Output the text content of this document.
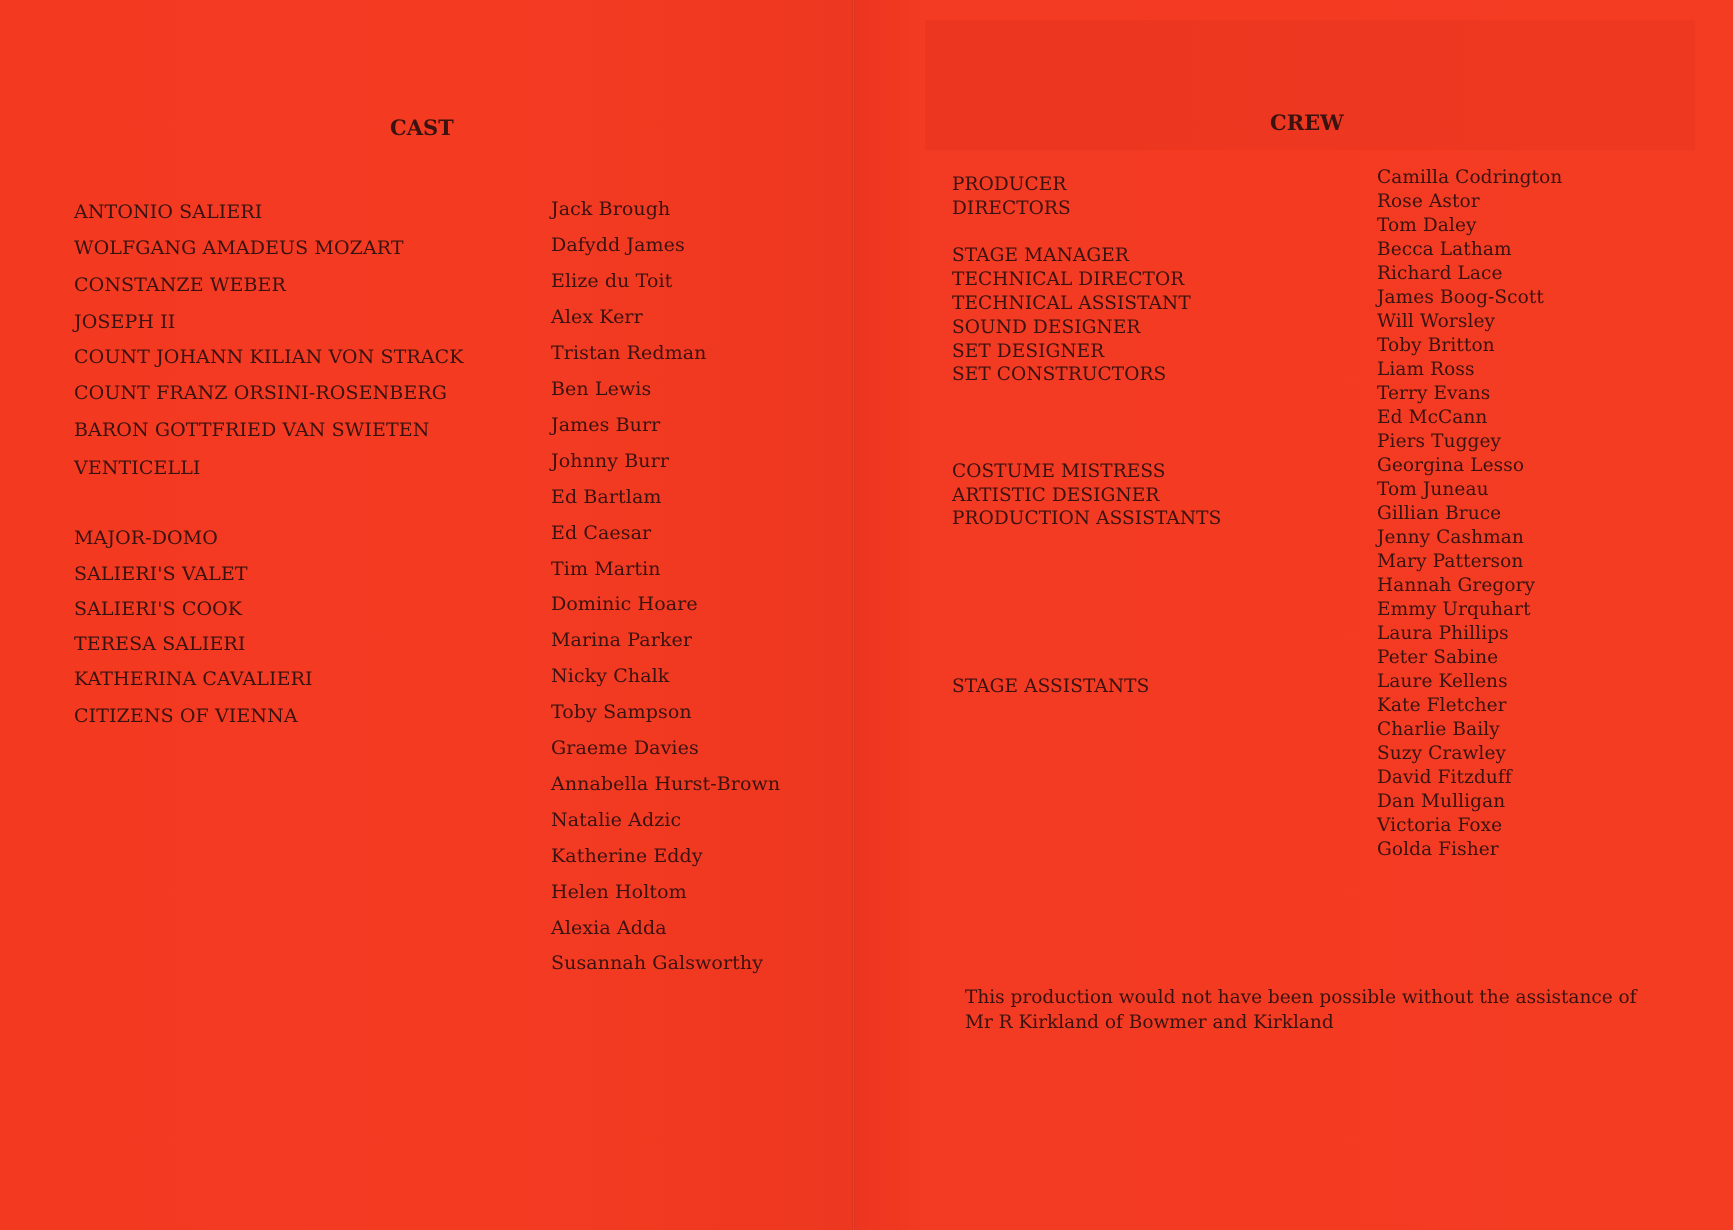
CAST
ANTONIO SALIERI
WOLFGANG AMADEUS MOZART
CONSTANZE WEBER
JOSEPH II
COUNT JOHANN KILIAN VON STRACK
COUNT FRANZ ORSINI-ROSENBERG
BARON GOTTFRIED VAN SWIETEN
VENTICELLI
MAJOR-DOMO
SALIERI'S VALET
SALIERI'S COOK
TERESA SALIERI
KATHERINA CAVALIERI
CITIZENS OF VIENNA
Jack Brough
Dafydd James
Elize du Toit
Alex Kerr
Tristan Redman
Ben Lewis
James Burr
Johnny Burr
Ed Bartlam
Ed Caesar
Tim Martin
Dominic Hoare
Marina Parker
Nicky Chalk
Toby Sampson
Graeme Davies
Annabella Hurst-Brown
Natalie Adzic
Katherine Eddy
Helen Holtom
Alexia Adda
Susannah Galsworthy
CREW
PRODUCER
DIRECTORS
STAGE MANAGER
TECHNICAL DIRECTOR
TECHNICAL ASSISTANT
SOUND DESIGNER
SET DESIGNER
SET CONSTRUCTORS
COSTUME MISTRESS
ARTISTIC DESIGNER
PRODUCTION ASSISTANTS
STAGE ASSISTANTS
Camilla Codrington
Rose Astor
Tom Daley
Becca Latham
Richard Lace
James Boog-Scott
Will Worsley
Toby Britton
Liam Ross
Terry Evans
Ed McCann
Piers Tuggey
Georgina Lesso
Tom Juneau
Gillian Bruce
Jenny Cashman
Mary Patterson
Hannah Gregory
Emmy Urquhart
Laura Phillips
Peter Sabine
Laure Kellens
Kate Fletcher
Charlie Baily
Suzy Crawley
David Fitzduff
Dan Mulligan
Victoria Foxe
Golda Fisher

This production would not have been possible without the assistance of
Mr R Kirkland of Bowmer and Kirkland
